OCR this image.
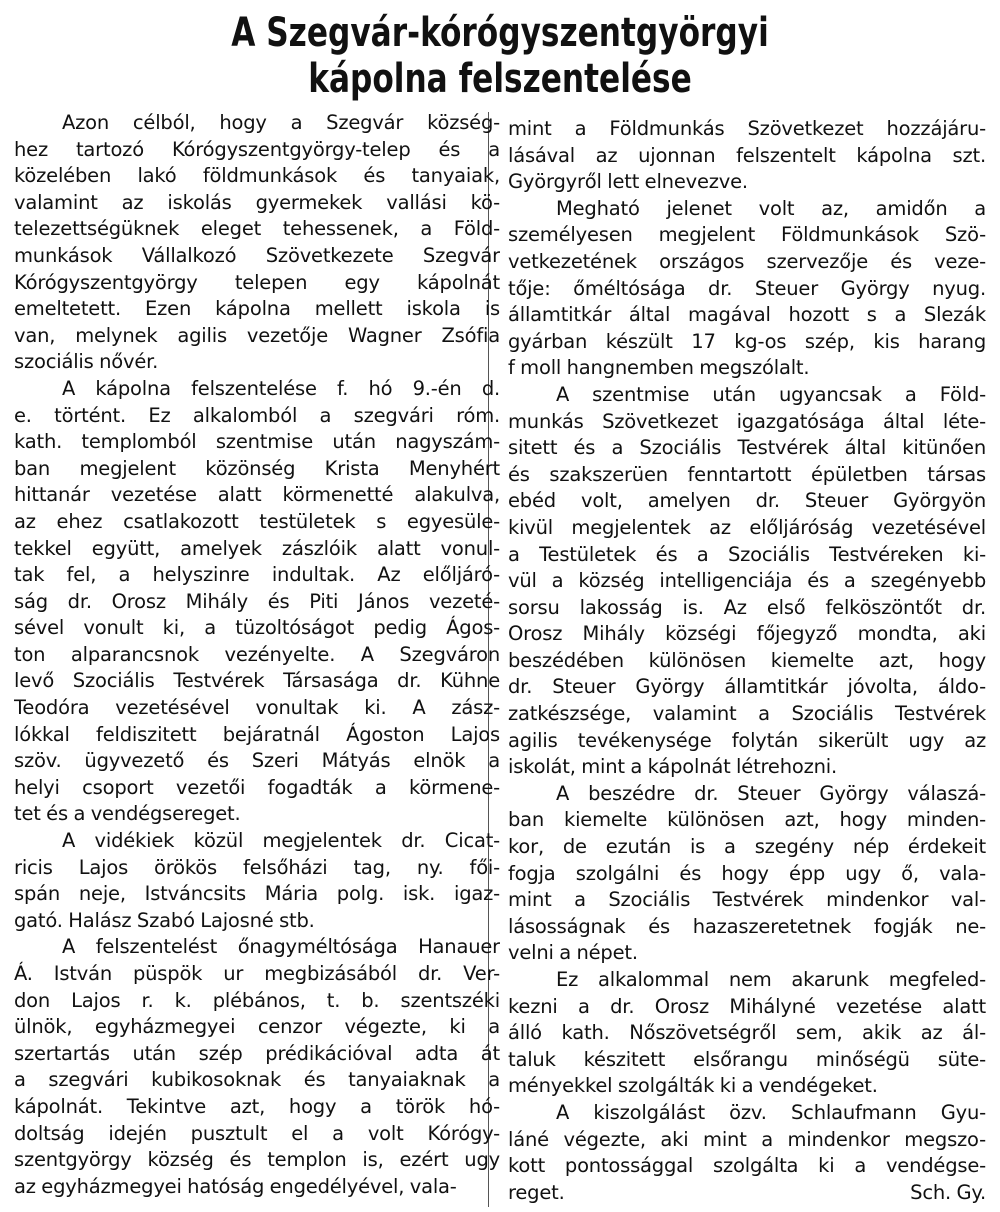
A Szegvár-kórógyszentgyörgyi
kápolna felszentelése
Azon célból, hogy a Szegvár község-
hez tartozó Kórógyszentgyörgy-telep és a
közelében lakó földmunkások és tanyaiak,
valamint az iskolás gyermekek vallási kö-
telezettségüknek eleget tehessenek, a Föld-
munkások Vállalkozó Szövetkezete Szegvár
Kórógyszentgyörgy telepen egy kápolnát
emeltetett. Ezen kápolna mellett iskola is
van, melynek agilis vezetője Wagner Zsófia
szociális nővér.
A kápolna felszentelése f. hó 9.-én d.
e. történt. Ez alkalomból a szegvári róm.
kath. templomból szentmise után nagyszám-
ban megjelent közönség Krista Menyhért
hittanár vezetése alatt körmenetté alakulva,
az ehez csatlakozott testületek s egyesüle-
tekkel együtt, amelyek zászlóik alatt vonul-
tak fel, a helyszinre indultak. Az előljáró-
ság dr. Orosz Mihály és Piti János vezeté-
sével vonult ki, a tüzoltóságot pedig Ágos-
ton alparancsnok vezényelte. A Szegváron
levő Szociális Testvérek Társasága dr. Kühne
Teodóra vezetésével vonultak ki. A zász-
lókkal feldiszitett bejáratnál Ágoston Lajos
szöv. ügyvezető és Szeri Mátyás elnök a
helyi csoport vezetői fogadták a körmene-
tet és a vendégsereget.
A vidékiek közül megjelentek dr. Cicat-
ricis Lajos örökös felsőházi tag, ny. fői-
spán neje, Istváncsits Mária polg. isk. igaz-
gató. Halász Szabó Lajosné stb.
A felszentelést őnagyméltósága Hanauer
Á. István püspök ur megbizásából dr. Ver-
don Lajos r. k. plébános, t. b. szentszéki
ülnök, egyházmegyei cenzor végezte, ki a
szertartás után szép prédikációval adta át
a szegvári kubikosoknak és tanyaiaknak a
kápolnát. Tekintve azt, hogy a török hó-
doltság idején pusztult el a volt Kórógy-
szentgyörgy község és templon is, ezért ugy
az egyházmegyei hatóság engedélyével, vala-
mint a Földmunkás Szövetkezet hozzájáru-
lásával az ujonnan felszentelt kápolna szt.
Györgyről lett elnevezve.
Megható jelenet volt az, amidőn a
személyesen megjelent Földmunkások Szö-
vetkezetének országos szervezője és veze-
tője: őméltósága dr. Steuer György nyug.
államtitkár által magával hozott s a Slezák
gyárban készült 17 kg-os szép, kis harang
f moll hangnemben megszólalt.
A szentmise után ugyancsak a Föld-
munkás Szövetkezet igazgatósága által léte-
sitett és a Szociális Testvérek által kitünően
és szakszerüen fenntartott épületben társas
ebéd volt, amelyen dr. Steuer Györgyön
kivül megjelentek az előljáróság vezetésével
a Testületek és a Szociális Testvéreken ki-
vül a község intelligenciája és a szegényebb
sorsu lakosság is. Az első felköszöntőt dr.
Orosz Mihály községi főjegyző mondta, aki
beszédében különösen kiemelte azt, hogy
dr. Steuer György államtitkár jóvolta, áldo-
zatkészsége, valamint a Szociális Testvérek
agilis tevékenysége folytán sikerült ugy az
iskolát, mint a kápolnát létrehozni.
A beszédre dr. Steuer György válaszá-
ban kiemelte különösen azt, hogy minden-
kor, de ezután is a szegény nép érdekeit
fogja szolgálni és hogy épp ugy ő, vala-
mint a Szociális Testvérek mindenkor val-
lásosságnak és hazaszeretetnek fogják ne-
velni a népet.
Ez alkalommal nem akarunk megfeled-
kezni a dr. Orosz Mihályné vezetése alatt
álló kath. Nőszövetségről sem, akik az ál-
taluk készitett elsőrangu minőségü süte-
ményekkel szolgálták ki a vendégeket.
A kiszolgálást özv. Schlaufmann Gyu-
láné végezte, aki mint a mindenkor megszo-
kott pontossággal szolgálta ki a vendégse-
reget.	Sch. Gy.
